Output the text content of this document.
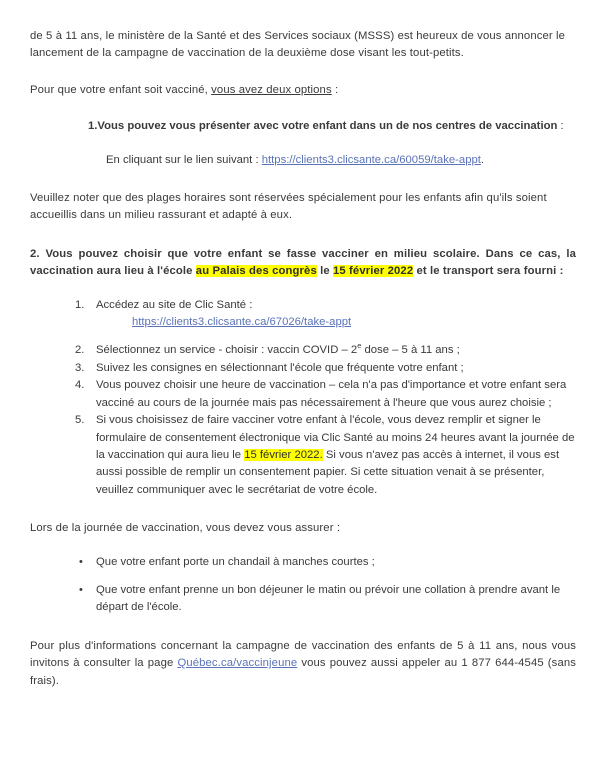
de 5 à 11 ans, le ministère de la Santé et des Services sociaux (MSSS) est heureux de vous annoncer le lancement de la campagne de vaccination de la deuxième dose visant les tout-petits.

Pour que votre enfant soit vacciné, vous avez deux options :

1.Vous pouvez vous présenter avec votre enfant dans un de nos centres de vaccination :

En cliquant sur le lien suivant : https://clients3.clicsante.ca/60059/take-appt.

Veuillez noter que des plages horaires sont réservées spécialement pour les enfants afin qu'ils soient accueillis dans un milieu rassurant et adapté à eux.

2. Vous pouvez choisir que votre enfant se fasse vacciner en milieu scolaire. Dans ce cas, la vaccination aura lieu à l'école au Palais des congrès le 15 février 2022 et le transport sera fourni :

1.	Accédez au site de Clic Santé :
https://clients3.clicsante.ca/67026/take-appt
2.	Sélectionnez un service - choisir : vaccin COVID – 2e dose – 5 à 11 ans ;
3.	Suivez les consignes en sélectionnant l'école que fréquente votre enfant ;
4.	Vous pouvez choisir une heure de vaccination – cela n'a pas d'importance et votre enfant sera vacciné au cours de la journée mais pas nécessairement à l'heure que vous aurez choisie ;
5.	Si vous choisissez de faire vacciner votre enfant à l'école, vous devez remplir et signer le formulaire de consentement électronique via Clic Santé au moins 24 heures avant la journée de la vaccination qui aura lieu le 15 février 2022. Si vous n'avez pas accès à internet, il vous est aussi possible de remplir un consentement papier. Si cette situation venait à se présenter, veuillez communiquer avec le secrétariat de votre école.

Lors de la journée de vaccination, vous devez vous assurer :

• Que votre enfant porte un chandail à manches courtes ;
• Que votre enfant prenne un bon déjeuner le matin ou prévoir une collation à prendre avant le départ de l'école.

Pour plus d'informations concernant la campagne de vaccination des enfants de 5 à 11 ans, nous vous invitons à consulter la page Québec.ca/vaccinjeune vous pouvez aussi appeler au 1 877 644-4545 (sans frais).
